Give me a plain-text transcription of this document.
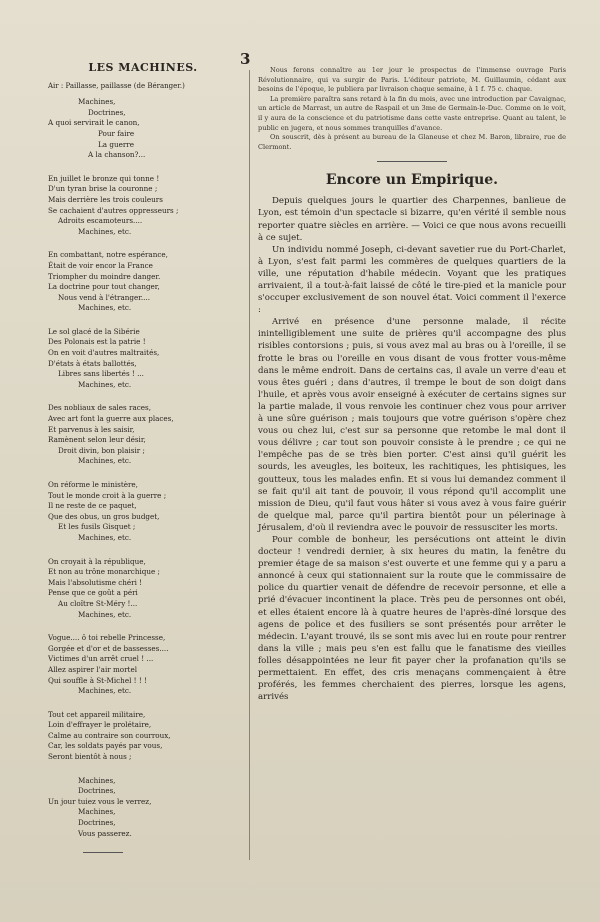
3
LES MACHINES.
Air : Paillasse, paillasse (de Béranger.)
Machines,
Doctrines,
A quoi servirait le canon,
Pour faire
La guerre
A la chanson?...
En juillet le bronze qui tonne !
D'un tyran brise la couronne ;
Mais derrière les trois couleurs
Se cachaient d'autres oppresseurs ;
Adroits escamoteurs....
Machines, etc.
En combattant, notre espérance,
Était de voir encor la France
Triompher du moindre danger.
La doctrine pour tout changer,
Nous vend à l'étranger....
Machines, etc.
Le sol glacé de la Sibérie
Des Polonais est la patrie !
On en voit d'autres maltraités,
D'états à états ballottés,
Libres sans libertés ! ...
Machines, etc.
Des nobliaux de sales races,
Avec art font la guerre aux places,
Et parvenus à les saisir,
Ramènent selon leur désir,
Droit divin, bon plaisir ;
Machines, etc.
On réforme le ministère,
Tout le monde croit à la guerre ;
Il ne reste de ce paquet,
Que des obus, un gros budget,
Et les fusils Gisquet ;
Machines, etc.
On croyait à la république,
Et non au trône monarchique ;
Mais l'absolutisme chéri !
Pense que ce goût a péri
Au cloître St-Méry !...
Machines, etc.
Vogue.... ô toi rebelle Princesse,
Gorgée et d'or et de bassesses....
Victimes d'un arrêt cruel ! ...
Allez aspirer l'air mortel
Qui souffle à St-Michel ! ! !
Machines, etc.
Tout cet appareil militaire,
Loin d'effrayer le prolétaire,
Calme au contraire son courroux,
Car, les soldats payés par vous,
Seront bientôt à nous ;
Machines,
Doctrines,
Un jour tuiez vous le verrez,
Machines,
Doctrines,
Vous passerez.

Nous ferons connaître au 1er jour le prospectus de l'immense ouvrage Paris Révolutionnaire, qui va surgir de Paris. L'éditeur patriote, M. Guillaumin, cédant aux besoins de l'époque, le publiera par livraison chaque semaine, à 1 f. 75 c. chaque.

La première paraîtra sans retard à la fin du mois, avec une introduction par Cavaignac, un article de Marrast, un autre de Raspail et un 3me de Germain-le-Duc. Comme on le voit, il y aura de la conscience et du patriotisme dans cette vaste entreprise. Quant au talent, le public en jugera, et nous sommes tranquilles d'avance.

On souscrit, dès à présent au bureau de la Glaneuse et chez M. Baron, libraire, rue de Clermont.

Encore un Empirique.

Depuis quelques jours le quartier des Charpennes, banlieue de Lyon, est témoin d'un spectacle si bizarre, qu'en vérité il semble nous reporter quatre siècles en arrière. — Voici ce que nous avons recueilli à ce sujet.

Un individu nommé Joseph, ci-devant savetier rue du Port-Charlet, à Lyon, s'est fait parmi les commères de quelques quartiers de la ville, une réputation d'habile médecin. Voyant que les pratiques arrivaient, il a tout-à-fait laissé de côté le tire-pied et la manicle pour s'occuper exclusivement de son nouvel état. Voici comment il l'exerce :

Arrivé en présence d'une personne malade, il récite inintelligiblement une suite de prières qu'il accompagne des plus risibles contorsions ; puis, si vous avez mal au bras ou à l'oreille, il se frotte le bras ou l'oreille en vous disant de vous frotter vous-même dans le même endroit. Dans de certains cas, il avale un verre d'eau et vous êtes guéri ; dans d'autres, il trempe le bout de son doigt dans l'huile, et après vous avoir enseigné à exécuter de certains signes sur la partie malade, il vous renvoie les continuer chez vous pour arriver à une sûre guérison ; mais toujours que votre guérison s'opère chez vous ou chez lui, c'est sur sa personne que retombe le mal dont il vous délivre ; car tout son pouvoir consiste à le prendre ; ce qui ne l'empêche pas de se très bien porter. C'est ainsi qu'il guérit les sourds, les aveugles, les boiteux, les rachitiques, les phtisiques, les goutteux, tous les malades enfin. Et si vous lui demandez comment il se fait qu'il ait tant de pouvoir, il vous répond qu'il accomplit une mission de Dieu, qu'il faut vous hâter si vous avez à vous faire guérir de quelque mal, parce qu'il partira bientôt pour un pélerinage à Jérusalem, d'où il reviendra avec le pouvoir de ressusciter les morts.

Pour comble de bonheur, les persécutions ont atteint le divin docteur ! vendredi dernier, à six heures du matin, la fenêtre du premier étage de sa maison s'est ouverte et une femme qui y a paru a annoncé à ceux qui stationnaient sur la route que le commissaire de police du quartier venait de défendre de recevoir personne, et elle a prié d'évacuer incontinent la place. Très peu de personnes ont obéi, et elles étaient encore là à quatre heures de l'après-dîné lorsque des agens de police et des fusiliers se sont présentés pour arrêter le médecin. L'ayant trouvé, ils se sont mis avec lui en route pour rentrer dans la ville ; mais peu s'en est fallu que le fanatisme des vieilles folles désappointées ne leur fit payer cher la profanation qu'ils se permettaient. En effet, des cris menaçans commençaient à être proférés, les femmes cherchaient des pierres, lorsque les agens, arrivés
